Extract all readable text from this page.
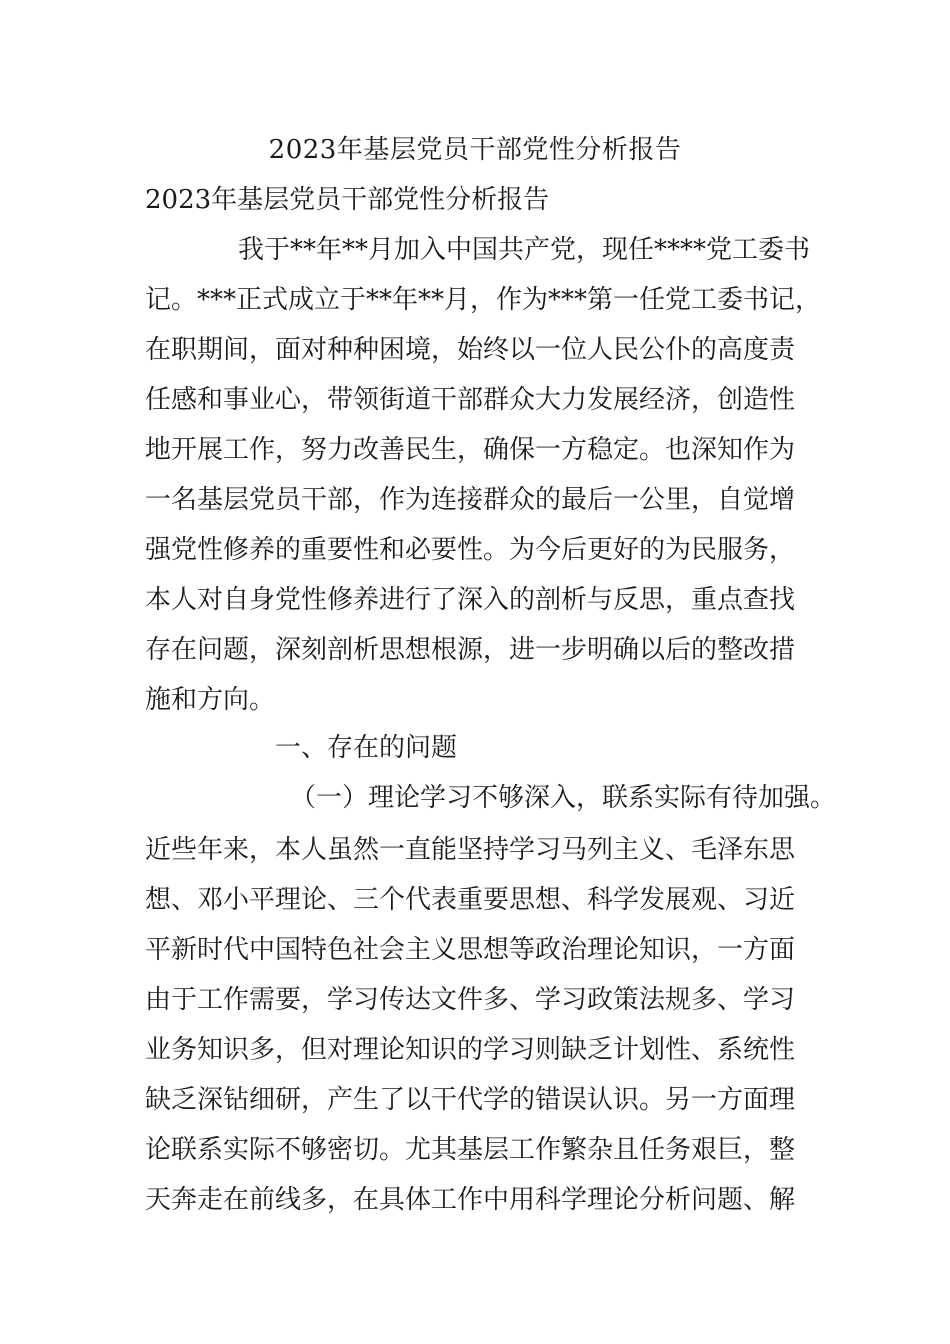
2023年基层党员干部党性分析报告
2023年基层党员干部党性分析报告

我于**年**月加入中国共产党，现任****党工委书

记。***正式成立于**年**月，作为***第一任党工委书记，

在职期间，面对种种困境，始终以一位人民公仆的高度责

任感和事业心，带领街道干部群众大力发展经济，创造性

地开展工作，努力改善民生，确保一方稳定。也深知作为

一名基层党员干部，作为连接群众的最后一公里，自觉增

强党性修养的重要性和必要性。为今后更好的为民服务，

本人对自身党性修养进行了深入的剖析与反思，重点查找

存在问题，深刻剖析思想根源，进一步明确以后的整改措

施和方向。

一、存在的问题

（一）理论学习不够深入，联系实际有待加强。

近些年来，本人虽然一直能坚持学习马列主义、毛泽东思

想、邓小平理论、三个代表重要思想、科学发展观、习近

平新时代中国特色社会主义思想等政治理论知识，一方面

由于工作需要，学习传达文件多、学习政策法规多、学习

业务知识多，但对理论知识的学习则缺乏计划性、系统性

缺乏深钻细研，产生了以干代学的错误认识。另一方面理

论联系实际不够密切。尤其基层工作繁杂且任务艰巨，整

天奔走在前线多，在具体工作中用科学理论分析问题、解
